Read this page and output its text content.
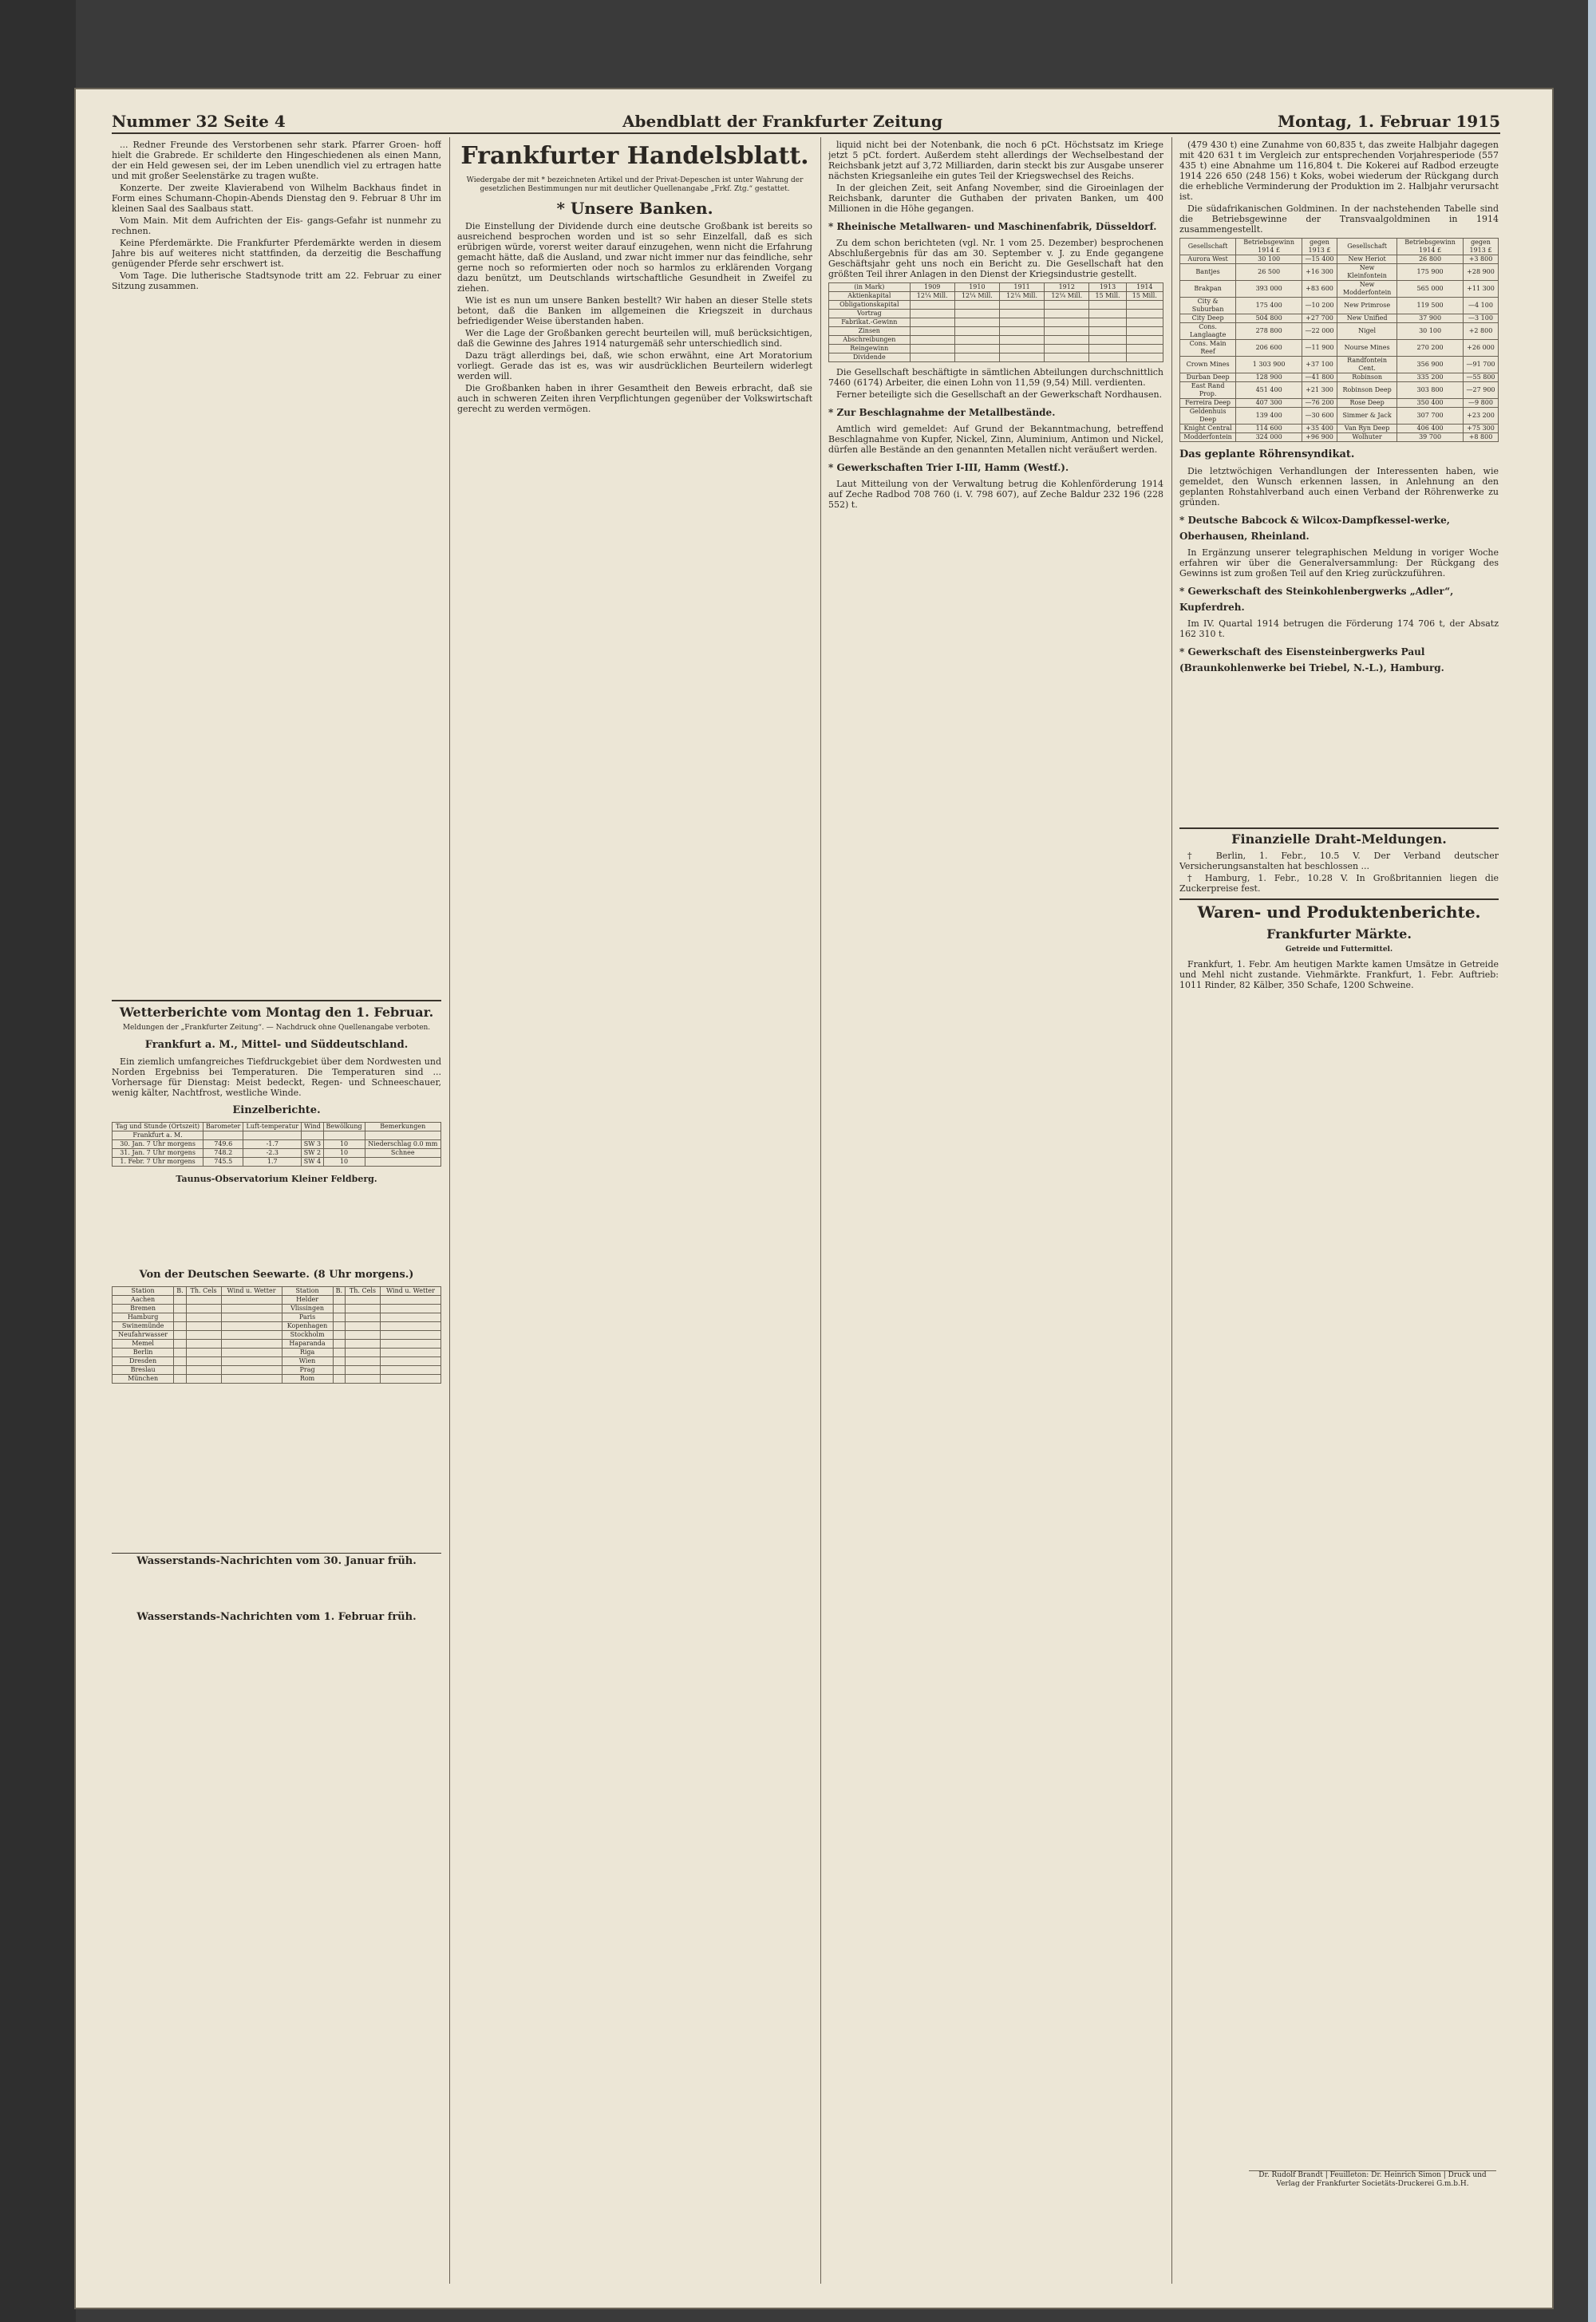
Nummer 32 Seite 4	Abendblatt der Frankfurter Zeitung	Montag, 1. Februar 1915

... Redner Freunde des Verstorbenen sehr stark. Pfarrer Groen- hoff hielt die Grabrede. Er schilderte den Hingeschiedenen als einen Mann, der ein Held gewesen sei, der im Leben unendlich viel zu ertragen hatte und mit großer Seelenstärke zu tragen wußte.

Konzerte. Der zweite Klavierabend von Wilhelm Backhaus findet in Form eines Schumann-Chopin-Abends Dienstag den 9. Februar 8 Uhr im kleinen Saal des Saalbaus statt.

Vom Main. Mit dem Aufrichten der Eis- gangs-Gefahr ist nunmehr zu rechnen.

Keine Pferdemärkte. Die Frankfurter Pferdemärkte werden in diesem Jahre bis auf weiteres nicht stattfinden, da derzeitig die Beschaffung genügender Pferde sehr erschwert ist.

Vom Tage. Die lutherische Stadtsynode tritt am 22. Februar zu einer Sitzung zusammen.

Wetterberichte vom Montag den 1. Februar.
Meldungen der „Frankfurter Zeitung“. — Nachdruck ohne Quellenangabe verboten.
Frankfurt a. M., Mittel- und Süddeutschland.

Ein ziemlich umfangreiches Tiefdruckgebiet über dem Nordwesten und Norden Ergebniss bei Temperaturen. Die Temperaturen sind ... Vorhersage für Dienstag: Meist bedeckt, Regen- und Schneeschauer, wenig kälter, Nachtfrost, westliche Winde.

Einzelberichte.
Tag und Stunde (Ortszeit)	Barometer	Luft-temperatur	Wind	Bewölkung	Bemerkungen
Frankfurt a. M.					
30. Jan. 7 Uhr morgens	749.6	-1.7	SW 3	10	Niederschlag 0.0 mm
31. Jan. 7 Uhr morgens	748.2	-2.3	SW 2	10	Schnee
1. Febr. 7 Uhr morgens	745.5	1.7	SW 4	10	
Taunus-Observatorium Kleiner Feldberg.
Von der Deutschen Seewarte. (8 Uhr morgens.)
Station	B.	Th. Cels	Wind u. Wetter	Station	B.	Th. Cels	Wind u. Wetter
Aachen				Helder			
Bremen				Vlissingen			
Hamburg				Paris			
Swinemünde				Kopenhagen			
Neufahrwasser				Stockholm			
Memel				Haparanda			
Berlin				Riga			
Dresden				Wien			
Breslau				Prag			
München				Rom			
Wasserstands-Nachrichten vom 30. Januar früh.
Wasserstands-Nachrichten vom 1. Februar früh.
Frankfurter Handelsblatt.
Wiedergabe der mit * bezeichneten Artikel und der Privat-Depeschen ist unter Wahrung der gesetzlichen Bestimmungen nur mit deutlicher Quellenangabe „Frkf. Ztg.“ gestattet.
* Unsere Banken.

Die Einstellung der Dividende durch eine deutsche Großbank ist bereits so ausreichend besprochen worden und ist so sehr Einzelfall, daß es sich erübrigen würde, vorerst weiter darauf einzugehen, wenn nicht die Erfahrung gemacht hätte, daß die Ausland, und zwar nicht immer nur das feindliche, sehr gerne noch so reformierten oder noch so harmlos zu erklärenden Vorgang dazu benützt, um Deutschlands wirtschaftliche Gesundheit in Zweifel zu ziehen.

Wie ist es nun um unsere Banken bestellt? Wir haben an dieser Stelle stets betont, daß die Banken im allgemeinen die Kriegszeit in durchaus befriedigender Weise überstanden haben.

Wer die Lage der Großbanken gerecht beurteilen will, muß berücksichtigen, daß die Gewinne des Jahres 1914 naturgemäß sehr unterschiedlich sind.

Dazu trägt allerdings bei, daß, wie schon erwähnt, eine Art Moratorium vorliegt. Gerade das ist es, was wir ausdrücklichen Beurteilern widerlegt werden will.

Die Großbanken haben in ihrer Gesamtheit den Beweis erbracht, daß sie auch in schweren Zeiten ihren Verpflichtungen gegenüber der Volkswirtschaft gerecht zu werden vermögen.

liquid nicht bei der Notenbank, die noch 6 pCt. Höchstsatz im Kriege jetzt 5 pCt. fordert. Außerdem steht allerdings der Wechselbestand der Reichsbank jetzt auf 3,72 Milliarden, darin steckt bis zur Ausgabe unserer nächsten Kriegsanleihe ein gutes Teil der Kriegswechsel des Reichs.

In der gleichen Zeit, seit Anfang November, sind die Giroeinlagen der Reichsbank, darunter die Guthaben der privaten Banken, um 400 Millionen in die Höhe gegangen.

* Rheinische Metallwaren- und Maschinenfabrik, Düsseldorf.

Zu dem schon berichteten (vgl. Nr. 1 vom 25. Dezember) besprochenen Abschlußergebnis für das am 30. September v. J. zu Ende gegangene Geschäftsjahr geht uns noch ein Bericht zu. Die Gesellschaft hat den größten Teil ihrer Anlagen in den Dienst der Kriegsindustrie gestellt.

(in Mark)	1909	1910	1911	1912	1913	1914
Aktienkapital	12¼ Mill.	12¼ Mill.	12¼ Mill.	12¼ Mill.	15 Mill.	15 Mill.
Obligationskapital						
Vortrag						
Fabrikat.-Gewinn						
Zinsen						
Abschreibungen						
Reingewinn						
Dividende						

Die Gesellschaft beschäftigte in sämtlichen Abteilungen durchschnittlich 7460 (6174) Arbeiter, die einen Lohn von 11,59 (9,54) Mill. verdienten.

Ferner beteiligte sich die Gesellschaft an der Gewerkschaft Nordhausen.

* Zur Beschlagnahme der Metallbestände.

Amtlich wird gemeldet: Auf Grund der Bekanntmachung, betreffend Beschlagnahme von Kupfer, Nickel, Zinn, Aluminium, Antimon und Nickel, dürfen alle Bestände an den genannten Metallen nicht veräußert werden.

* Gewerkschaften Trier I-III, Hamm (Westf.).

Laut Mitteilung von der Verwaltung betrug die Kohlenförderung 1914 auf Zeche Radbod 708 760 (i. V. 798 607), auf Zeche Baldur 232 196 (228 552) t.

(479 430 t) eine Zunahme von 60,835 t, das zweite Halbjahr dagegen mit 420 631 t im Vergleich zur entsprechenden Vorjahresperiode (557 435 t) eine Abnahme um 116,804 t. Die Kokerei auf Radbod erzeugte 1914 226 650 (248 156) t Koks, wobei wiederum der Rückgang durch die erhebliche Verminderung der Produktion im 2. Halbjahr verursacht ist.

Die südafrikanischen Goldminen. In der nachstehenden Tabelle sind die Betriebsgewinne der Transvaalgoldminen in 1914 zusammengestellt.

Gesellschaft	Betriebsgewinn 1914 £	gegen 1913 £	Gesellschaft	Betriebsgewinn 1914 £	gegen 1913 £
Aurora West	30 100	—15 400	New Heriot	26 800	+3 800
Bantjes	26 500	+16 300	New Kleinfontein	175 900	+28 900
Brakpan	393 000	+83 600	New Modderfontein	565 000	+11 300
City & Suburban	175 400	—10 200	New Primrose	119 500	—4 100
City Deep	504 800	+27 700	New Unified	37 900	—3 100
Cons. Langlaagte	278 800	—22 000	Nigel	30 100	+2 800
Cons. Main Reef	206 600	—11 900	Nourse Mines	270 200	+26 000
Crown Mines	1 303 900	+37 100	Randfontein Cent.	356 900	—91 700
Durban Deep	128 900	—41 800	Robinson	335 200	—55 800
East Rand Prop.	451 400	+21 300	Robinson Deep	303 800	—27 900
Ferreira Deep	407 300	—76 200	Rose Deep	350 400	—9 800
Geldenhuis Deep	139 400	—30 600	Simmer & Jack	307 700	+23 200
Knight Central	114 600	+35 400	Van Ryn Deep	406 400	+75 300
Modderfontein	324 000	+96 900	Wolhuter	39 700	+8 800
Das geplante Röhrensyndikat.

Die letztwöchigen Verhandlungen der Interessenten haben, wie gemeldet, den Wunsch erkennen lassen, in Anlehnung an den geplanten Rohstahlverband auch einen Verband der Röhrenwerke zu gründen.

* Deutsche Babcock & Wilcox-Dampfkessel-werke, Oberhausen, Rheinland.

In Ergänzung unserer telegraphischen Meldung in voriger Woche erfahren wir über die Generalversammlung: Der Rückgang des Gewinns ist zum großen Teil auf den Krieg zurückzuführen.

* Gewerkschaft des Steinkohlenbergwerks „Adler“, Kupferdreh.

Im IV. Quartal 1914 betrugen die Förderung 174 706 t, der Absatz 162 310 t.

* Gewerkschaft des Eisensteinbergwerks Paul (Braunkohlenwerke bei Triebel, N.-L.), Hamburg.
Finanzielle Draht-Meldungen.

† Berlin, 1. Febr., 10.5 V. Der Verband deutscher Versicherungsanstalten hat beschlossen ...

† Hamburg, 1. Febr., 10.28 V. In Großbritannien liegen die Zuckerpreise fest.

Waren- und Produktenberichte.
Frankfurter Märkte.
Getreide und Futtermittel.

Frankfurt, 1. Febr. Am heutigen Markte kamen Umsätze in Getreide und Mehl nicht zustande. Viehmärkte. Frankfurt, 1. Febr. Auftrieb: 1011 Rinder, 82 Kälber, 350 Schafe, 1200 Schweine.

Dr. Rudolf Brandt | Feuilleton: Dr. Heinrich Simon | Druck und Verlag der Frankfurter Societäts-Druckerei G.m.b.H.
